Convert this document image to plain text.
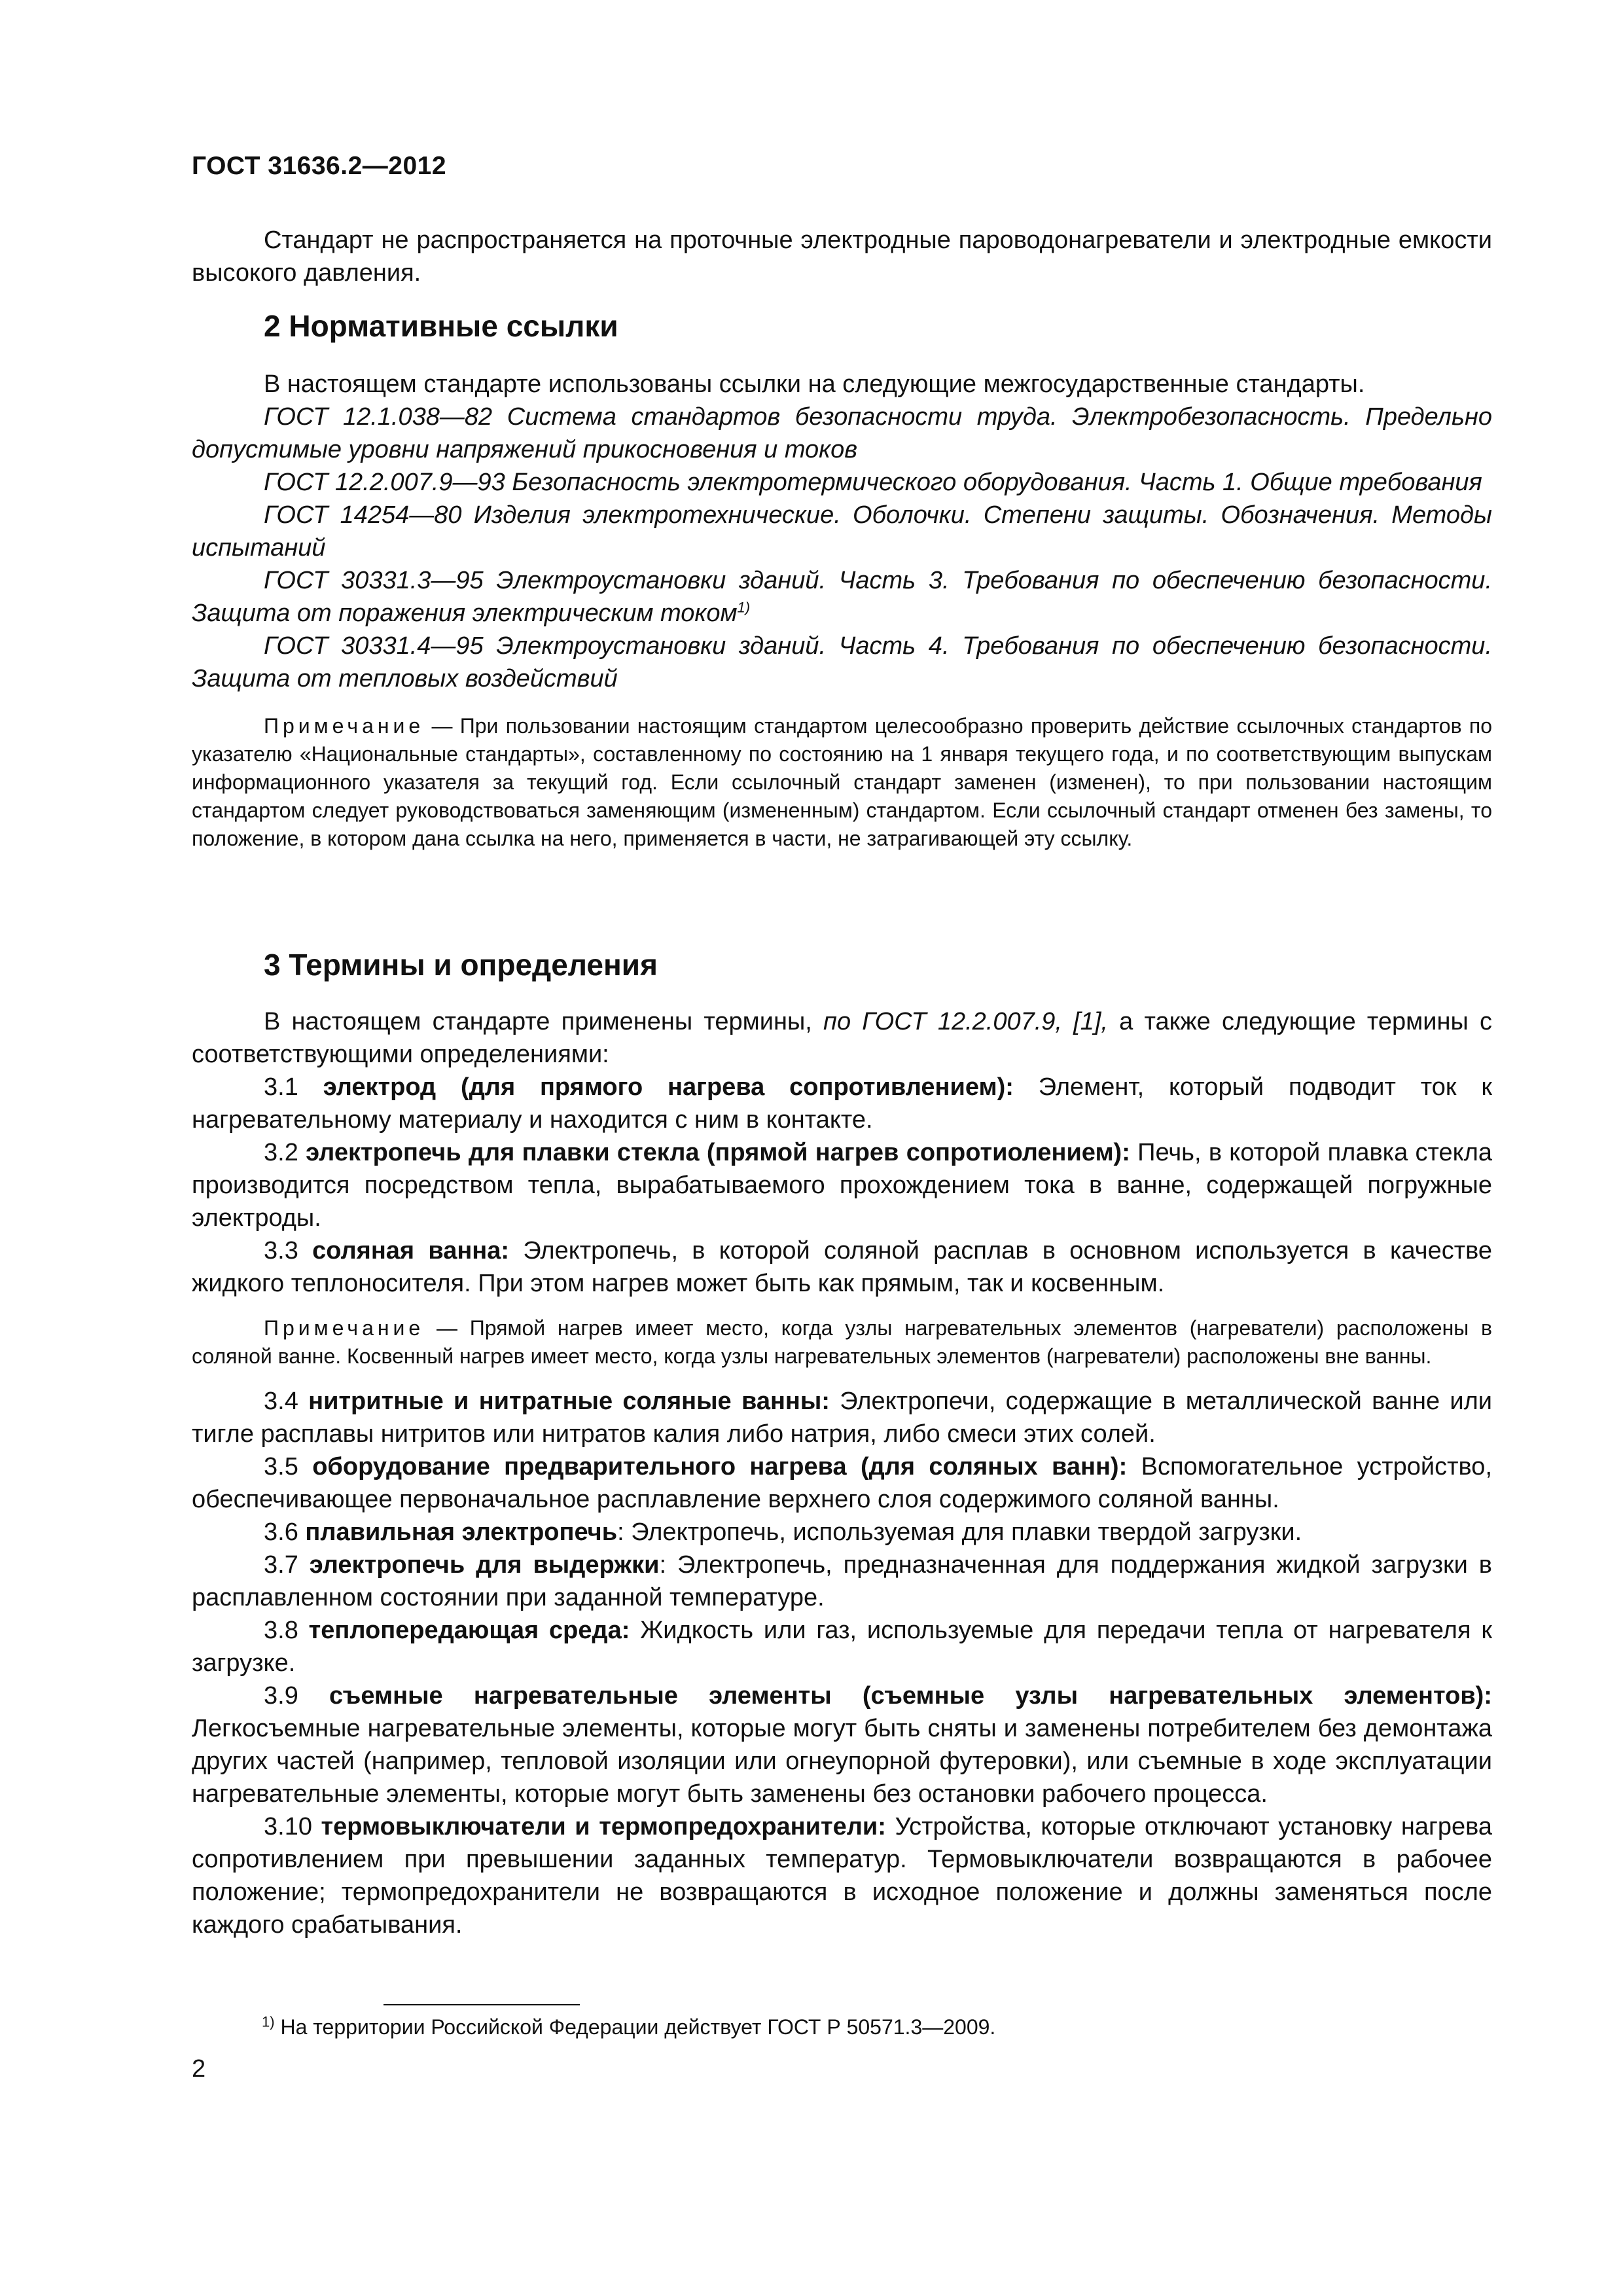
ГОСТ 31636.2—2012

Стандарт не распространяется на проточные электродные пароводонагреватели и электродные емкости высокого давления.

2 Нормативные ссылки

В настоящем стандарте использованы ссылки на следующие межгосударственные стандарты.

ГОСТ 12.1.038—82 Система стандартов безопасности труда. Электробезопасность. Предельно допустимые уровни напряжений прикосновения и токов

ГОСТ 12.2.007.9—93 Безопасность электротермического оборудования. Часть 1. Общие требования

ГОСТ 14254—80 Изделия электротехнические. Оболочки. Степени защиты. Обозначения. Методы испытаний

ГОСТ 30331.3—95 Электроустановки зданий. Часть 3. Требования по обеспечению безопасности. Защита от поражения электрическим током$^{1)}$

ГОСТ 30331.4—95 Электроустановки зданий. Часть 4. Требования по обеспечению безопасности. Защита от тепловых воздействий

Примечание — При пользовании настоящим стандартом целесообразно проверить действие ссылочных стандартов по указателю «Национальные стандарты», составленному по состоянию на 1 января текущего года, и по соответствующим выпускам информационного указателя за текущий год. Если ссылочный стандарт заменен (изменен), то при пользовании настоящим стандартом следует руководствоваться заменяющим (измененным) стандартом. Если ссылочный стандарт отменен без замены, то положение, в котором дана ссылка на него, применяется в части, не затрагивающей эту ссылку.

3 Термины и определения

В настоящем стандарте применены термины, по ГОСТ 12.2.007.9, [1], а также следующие термины с соответствующими определениями:

3.1 электрод (для прямого нагрева сопротивлением): Элемент, который подводит ток к нагревательному материалу и находится с ним в контакте.

3.2 электропечь для плавки стекла (прямой нагрев сопротиолением): Печь, в которой плавка стекла производится посредством тепла, вырабатываемого прохождением тока в ванне, содержащей погружные электроды.

3.3 соляная ванна: Электропечь, в которой соляной расплав в основном используется в качестве жидкого теплоносителя. При этом нагрев может быть как прямым, так и косвенным.

Примечание — Прямой нагрев имеет место, когда узлы нагревательных элементов (нагреватели) расположены в соляной ванне. Косвенный нагрев имеет место, когда узлы нагревательных элементов (нагреватели) расположены вне ванны.

3.4 нитритные и нитратные соляные ванны: Электропечи, содержащие в металлической ванне или тигле расплавы нитритов или нитратов калия либо натрия, либо смеси этих солей.

3.5 оборудование предварительного нагрева (для соляных ванн): Вспомогательное устройство, обеспечивающее первоначальное расплавление верхнего слоя содержимого соляной ванны.

3.6 плавильная электропечь: Электропечь, используемая для плавки твердой загрузки.

3.7 электропечь для выдержки: Электропечь, предназначенная для поддержания жидкой загрузки в расплавленном состоянии при заданной температуре.

3.8 теплопередающая среда: Жидкость или газ, используемые для передачи тепла от нагревателя к загрузке.

3.9 съемные нагревательные элементы (съемные узлы нагревательных элементов): Легкосъемные нагревательные элементы, которые могут быть сняты и заменены потребителем без демонтажа других частей (например, тепловой изоляции или огнеупорной футеровки), или съемные в ходе эксплуатации нагревательные элементы, которые могут быть заменены без остановки рабочего процесса.

3.10 термовыключатели и термопредохранители: Устройства, которые отключают установку нагрева сопротивлением при превышении заданных температур. Термовыключатели возвращаются в рабочее положение; термопредохранители не возвращаются в исходное положение и должны заменяться после каждого срабатывания.

$^{1)}$ На территории Российской Федерации действует ГОСТ Р 50571.3—2009.
2
